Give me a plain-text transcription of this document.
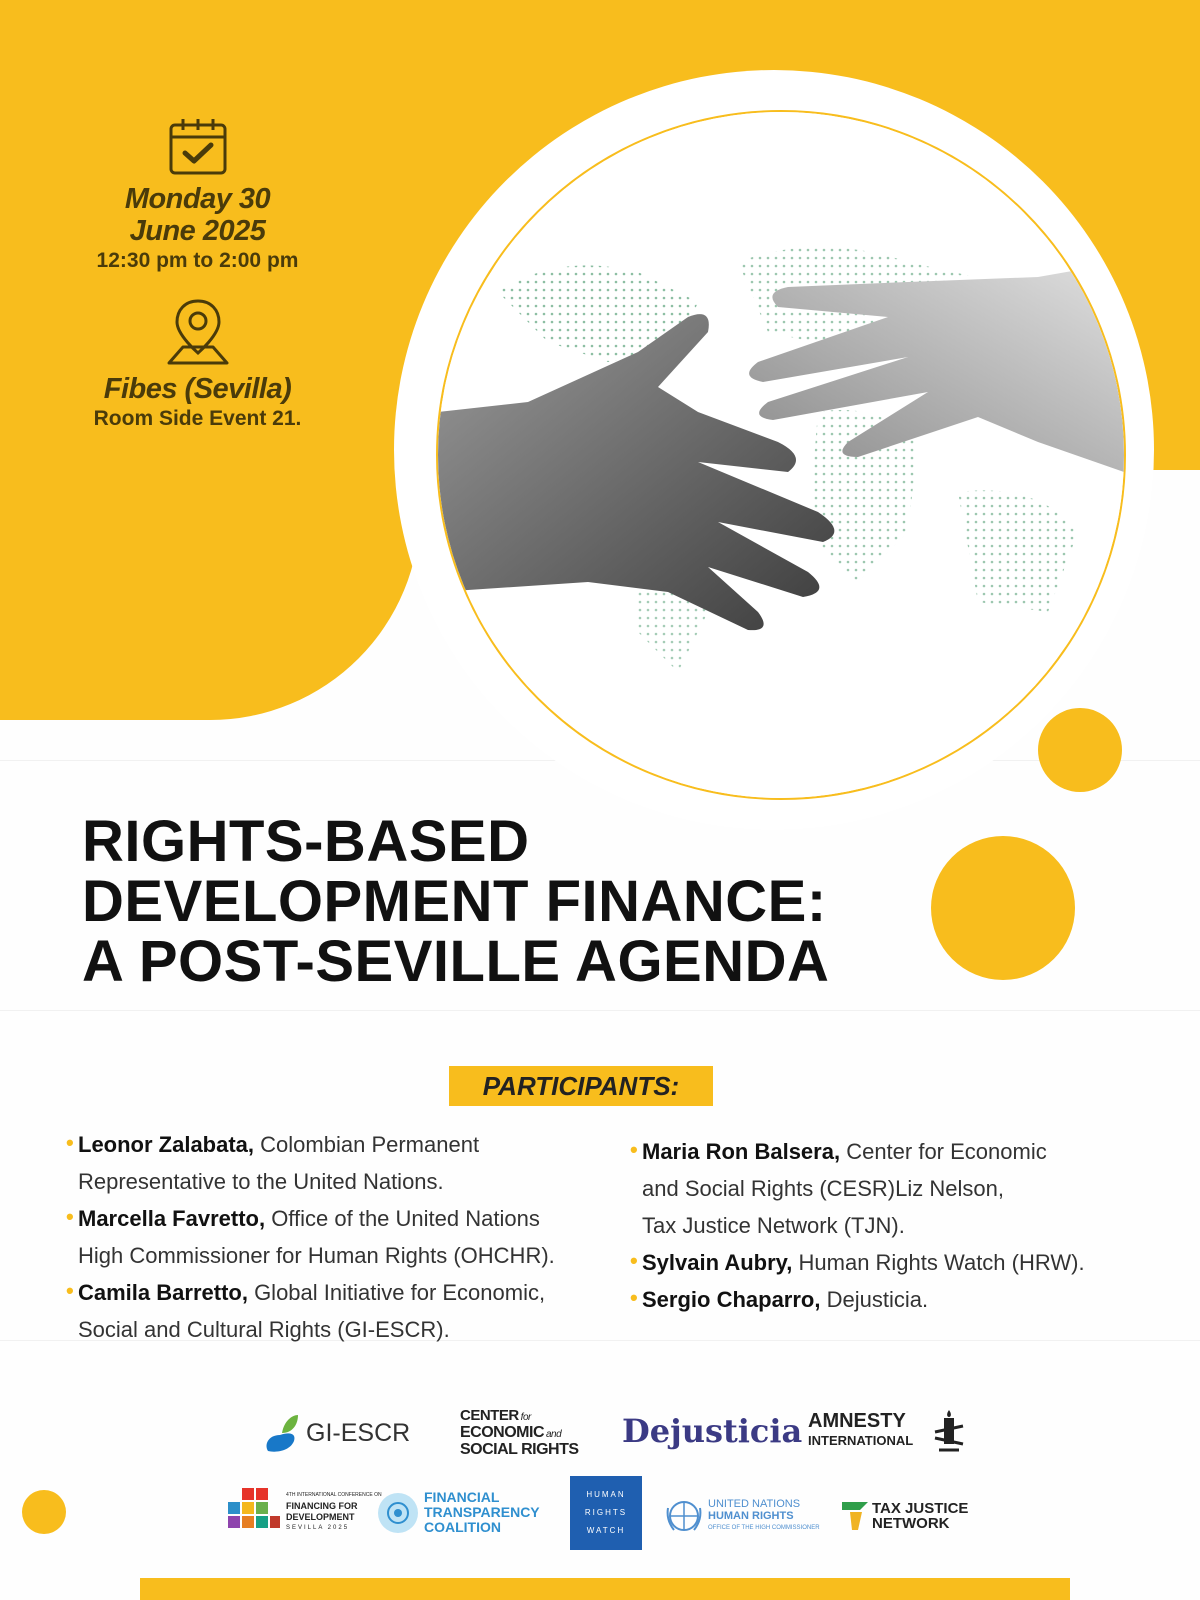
Monday 30
June 2025
12:30 pm to 2:00 pm
Fibes (Sevilla)
Room Side Event 21.
RIGHTS-BASED
DEVELOPMENT FINANCE:
A POST-SEVILLE AGENDA
PARTICIPANTS:
• Leonor Zalabata, Colombian Permanent
Representative to the United Nations.
• Marcella Favretto, Office of the United Nations
High Commissioner for Human Rights (OHCHR).
• Camila Barretto, Global Initiative for Economic,
Social and Cultural Rights (GI-ESCR).
• Maria Ron Balsera, Center for Economic
and Social Rights (CESR)Liz Nelson,
Tax Justice Network (TJN).
• Sylvain Aubry, Human Rights Watch (HRW).
• Sergio Chaparro, Dejusticia.
GI-ESCR
CENTER for
ECONOMIC and
SOCIAL RIGHTS Dejusticia AMNESTY
INTERNATIONAL
4TH INTERNATIONAL CONFERENCE ON
FINANCING FOR
DEVELOPMENT
SEVILLA 2025
FINANCIAL
TRANSPARENCY
COALITION
HUMAN
RIGHTS
WATCH
UNITED NATIONS
HUMAN RIGHTS
OFFICE OF THE HIGH COMMISSIONER
TAX JUSTICE
NETWORK
